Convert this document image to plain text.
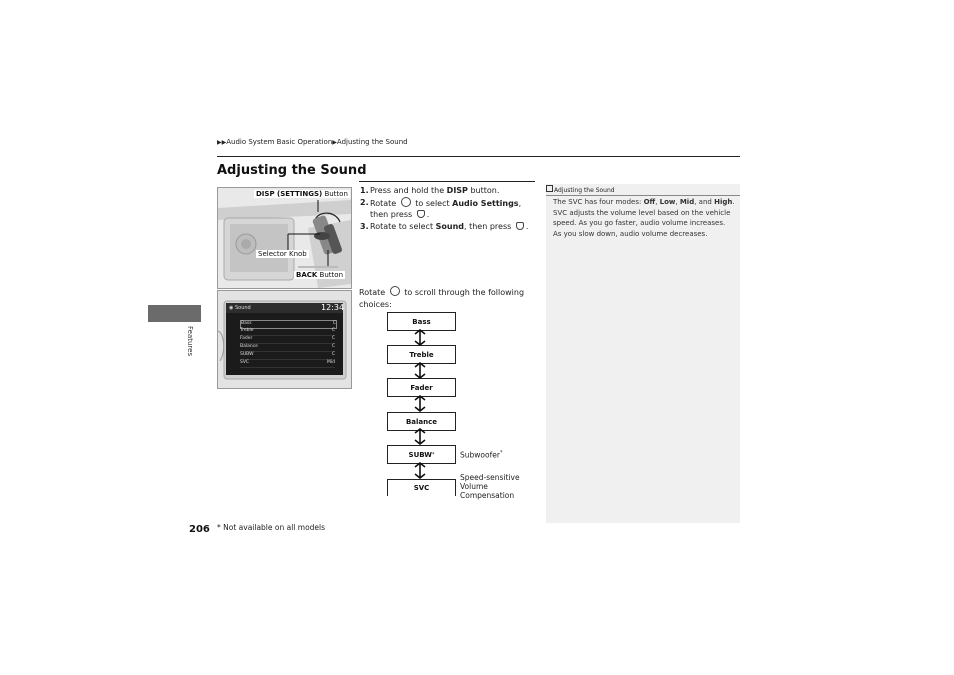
▶▶Audio System Basic Operation▶Adjusting the Sound
Adjusting the Sound
Features
DISP (SETTINGS) Button
Selector Knob
BACK Button
◉ Sound	12:34
Bass	C
Treble	C
Fader	C
Balance	C
SUBW	C
SVC	Mid
1. Press and hold the DISP button.
2. Rotate  to select Audio Settings, then press .
3. Rotate to select Sound, then press .
Rotate  to scroll through the following choices:
Bass
Treble
Fader
Balance
SUBW *
SVC
Subwoofer*
Speed-sensitive Volume Compensation
Adjusting the Sound
The SVC has four modes: Off, Low, Mid, and High. SVC adjusts the volume level based on the vehicle speed. As you go faster, audio volume increases. As you slow down, audio volume decreases.
206 * Not available on all models
